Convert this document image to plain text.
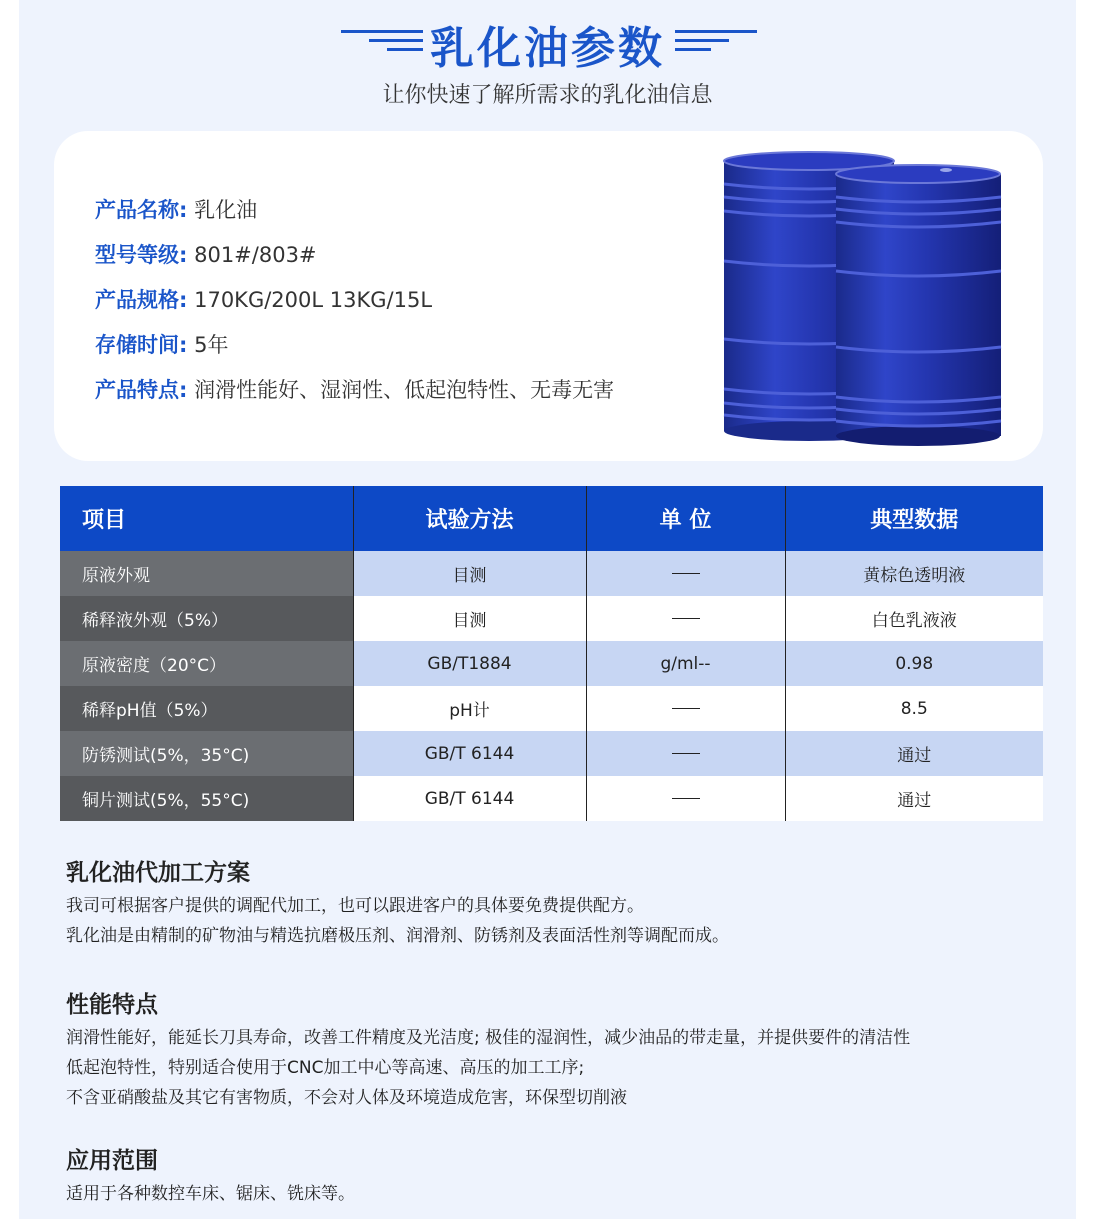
乳化油参数
让你快速了解所需求的乳化油信息
产品名称: 乳化油
型号等级: 801#/803#
产品规格: 170KG/200L 13KG/15L
存储时间: 5年
产品特点: 润滑性能好、湿润性、低起泡特性、无毒无害
项目	试验方法	单 位	典型数据
原液外观	目测		黄棕色透明液
稀释液外观（5%）	目测		白色乳液液
原液密度（20°C）	GB/T1884	g/ml--	0.98
稀释pH值（5%）	pH计		8.5
防锈测试(5%，35°C)	GB/T 6144		通过
铜片测试(5%，55°C)	GB/T 6144		通过
乳化油代加工方案

我司可根据客户提供的调配代加工，也可以跟进客户的具体要免费提供配方。

乳化油是由精制的矿物油与精选抗磨极压剂、润滑剂、防锈剂及表面活性剂等调配而成。

性能特点

润滑性能好，能延长刀具寿命，改善工件精度及光洁度; 极佳的湿润性，减少油品的带走量，并提供要件的清洁性

低起泡特性，特别适合使用于CNC加工中心等高速、高压的加工工序;

不含亚硝酸盐及其它有害物质，不会对人体及环境造成危害，环保型切削液

应用范围

适用于各种数控车床、锯床、铣床等。
